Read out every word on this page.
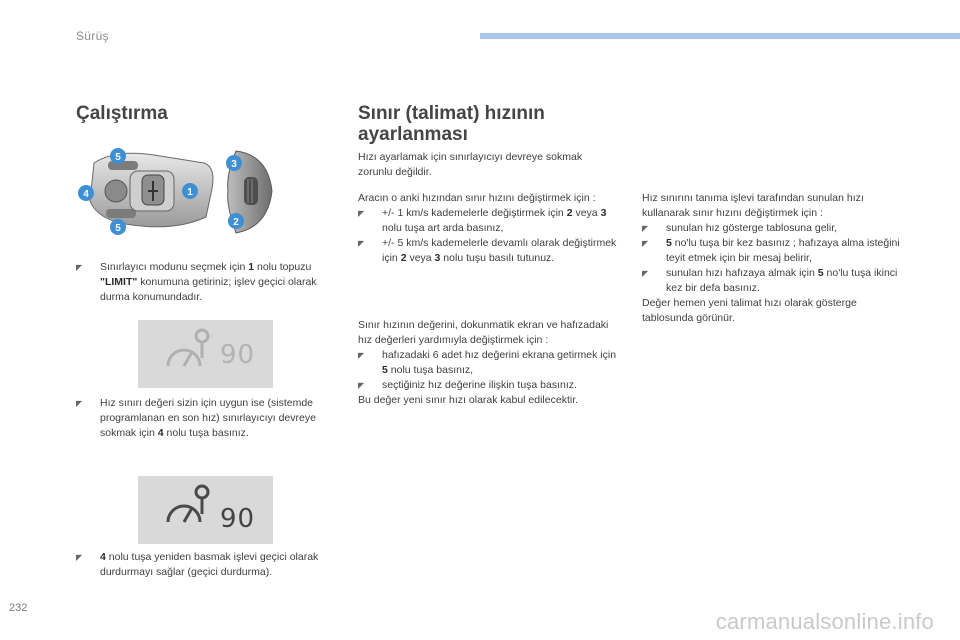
Sürüş
Çalıştırma
1
2
3
4
5
5
◤ Sınırlayıcı modunu seçmek için 1 nolu topuzu "LIMIT" konumuna getiriniz; işlev geçici olarak durma konumundadır.
90
◤ Hız sınırı değeri sizin için uygun ise (sistemde programlanan en son hız) sınırlayıcıyı devreye sokmak için 4 nolu tuşa basınız.
90
◤ 4 nolu tuşa yeniden basmak işlevi geçici olarak durdurmayı sağlar (geçici durdurma).
Sınır (talimat) hızının ayarlanması
Hızı ayarlamak için sınırlayıcıyı devreye sokmak zorunlu değildir.
Aracın o anki hızından sınır hızını değiştirmek için :
◤ +/- 1 km/s kademelerle değiştirmek için 2 veya 3 nolu tuşa art arda basınız,
◤ +/- 5 km/s kademelerle devamlı olarak değiştirmek için 2 veya 3 nolu tuşu basılı tutunuz.
Sınır hızının değerini, dokunmatik ekran ve hafızadaki hız değerleri yardımıyla değiştirmek için :
◤ hafızadaki 6 adet hız değerini ekrana getirmek için 5 nolu tuşa basınız,
◤ seçtiğiniz hız değerine ilişkin tuşa basınız.
Bu değer yeni sınır hızı olarak kabul edilecektir.
Hız sınırını tanıma işlevi tarafından sunulan hızı kullanarak sınır hızını değiştirmek için :
◤ sunulan hız gösterge tablosuna gelir,
◤ 5 no'lu tuşa bir kez basınız ; hafızaya alma isteğini teyit etmek için bir mesaj belirir,
◤ sunulan hızı hafızaya almak için 5 no'lu tuşa ikinci kez bir defa basınız.
Değer hemen yeni talimat hızı olarak gösterge tablosunda görünür.
232
carmanualsonline.info
